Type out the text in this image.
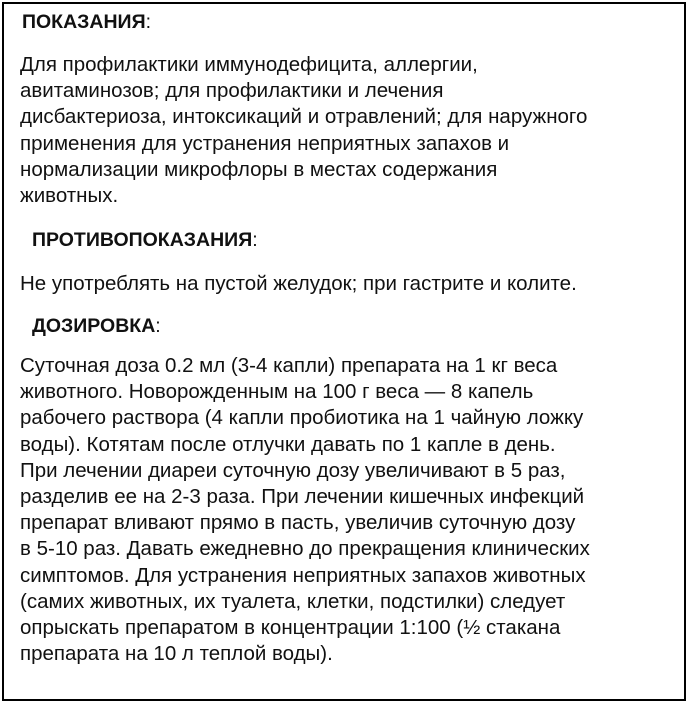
ПОКАЗАНИЯ:
Для профилактики иммунодефицита, аллергии,
авитаминозов; для профилактики и лечения
дисбактериоза, интоксикаций и отравлений; для наружного
применения для устранения неприятных запахов и
нормализации микрофлоры в местах содержания
животных.
ПРОТИВОПОКАЗАНИЯ:
Не употреблять на пустой желудок; при гастрите и колите.
ДОЗИРОВКА:
Суточная доза 0.2 мл (3-4 капли) препарата на 1 кг веса
животного. Новорожденным на 100 г веса — 8 капель
рабочего раствора (4 капли пробиотика на 1 чайную ложку
воды). Котятам после отлучки давать по 1 капле в день.
При лечении диареи суточную дозу увеличивают в 5 раз,
разделив ее на 2-3 раза. При лечении кишечных инфекций
препарат вливают прямо в пасть, увеличив суточную дозу
в 5-10 раз. Давать ежедневно до прекращения клинических
симптомов. Для устранения неприятных запахов животных
(самих животных, их туалета, клетки, подстилки) следует
опрыскать препаратом в концентрации 1:100 (½ стакана
препарата на 10 л теплой воды).
